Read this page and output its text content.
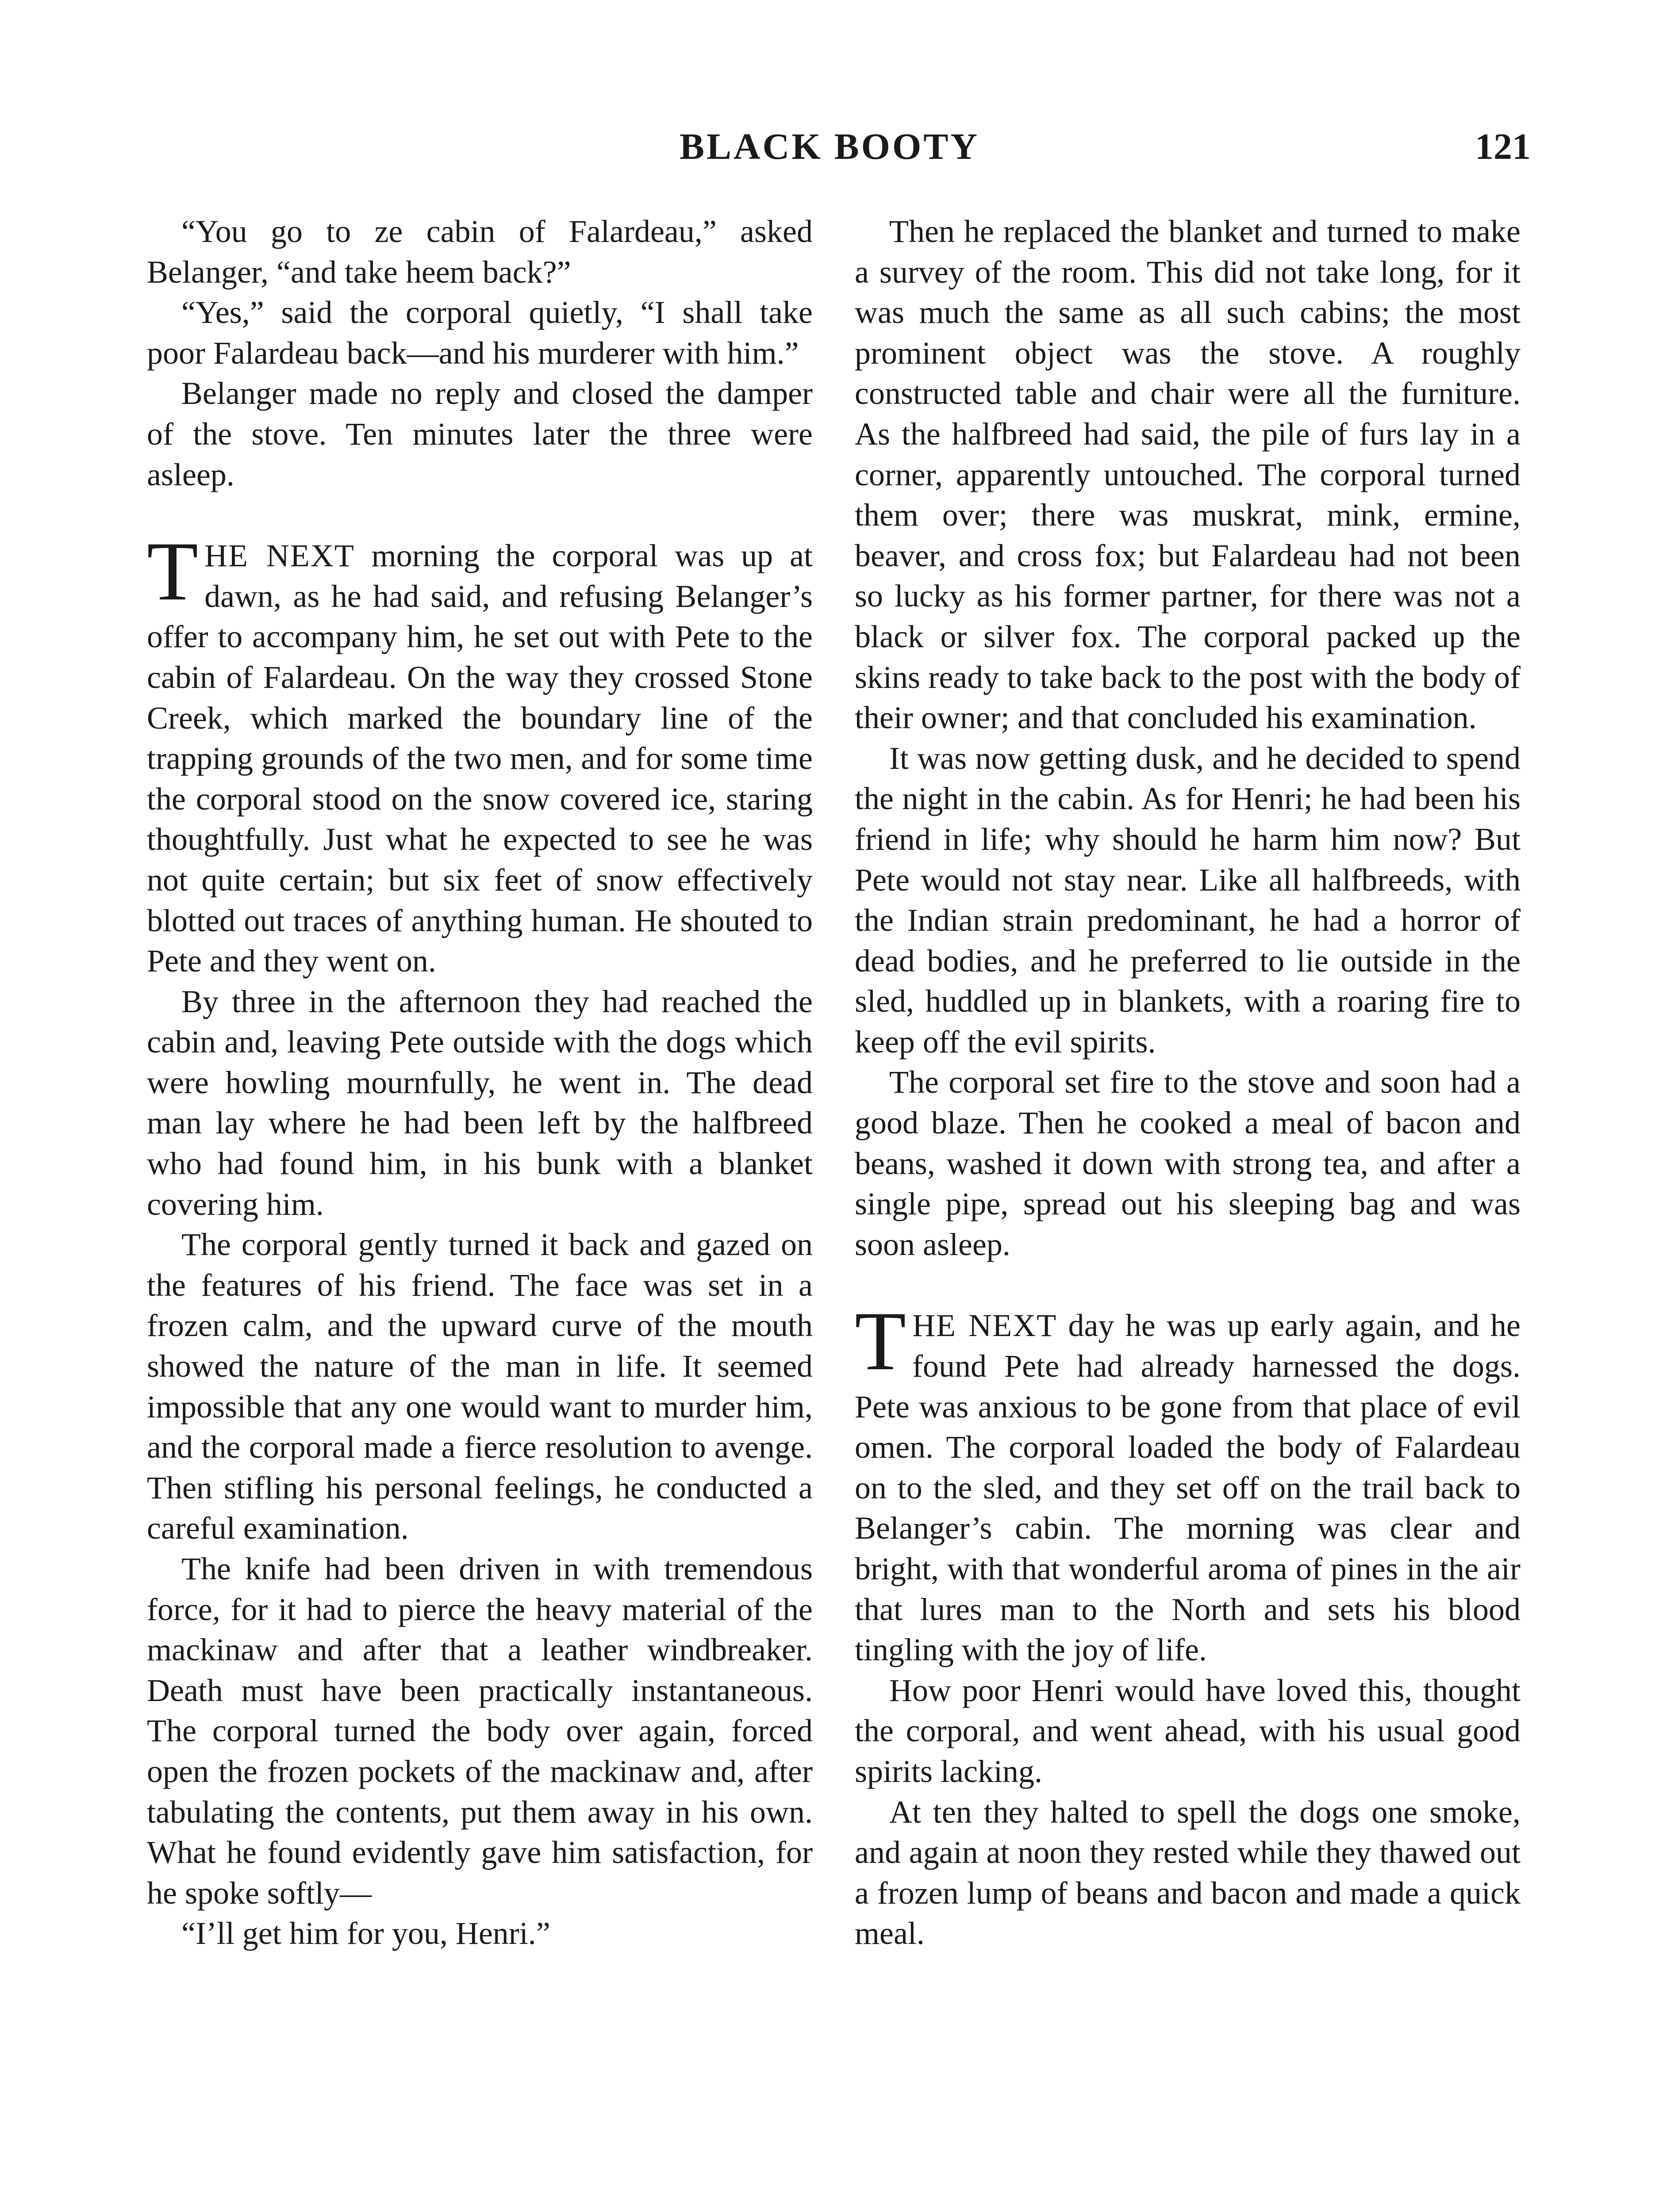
BLACK BOOTY	121

“You go to ze cabin of Falardeau,” asked Belanger, “and take heem back?”

“Yes,” said the corporal quietly, “I shall take poor Falardeau back—and his murderer with him.”

Belanger made no reply and closed the damper of the stove. Ten minutes later the three were asleep.

THE NEXT morning the corporal was up at dawn, as he had said, and refusing Belanger’s offer to accompany him, he set out with Pete to the cabin of Falardeau. On the way they crossed Stone Creek, which marked the boundary line of the trapping grounds of the two men, and for some time the corporal stood on the snow covered ice, staring thoughtfully. Just what he expected to see he was not quite certain; but six feet of snow effectively blotted out traces of anything human. He shouted to Pete and they went on.

By three in the afternoon they had reached the cabin and, leaving Pete outside with the dogs which were howling mournfully, he went in. The dead man lay where he had been left by the halfbreed who had found him, in his bunk with a blanket covering him.

The corporal gently turned it back and gazed on the features of his friend. The face was set in a frozen calm, and the upward curve of the mouth showed the nature of the man in life. It seemed impossible that any one would want to murder him, and the corporal made a fierce resolution to avenge. Then stifling his personal feelings, he conducted a careful examination.

The knife had been driven in with tremendous force, for it had to pierce the heavy material of the mackinaw and after that a leather windbreaker. Death must have been practically instantaneous. The corporal turned the body over again, forced open the frozen pockets of the mackinaw and, after tabulating the contents, put them away in his own. What he found evidently gave him satisfaction, for he spoke softly—

“I’ll get him for you, Henri.”

Then he replaced the blanket and turned to make a survey of the room. This did not take long, for it was much the same as all such cabins; the most prominent object was the stove. A roughly constructed table and chair were all the furniture. As the halfbreed had said, the pile of furs lay in a corner, apparently untouched. The corporal turned them over; there was muskrat, mink, ermine, beaver, and cross fox; but Falardeau had not been so lucky as his former partner, for there was not a black or silver fox. The corporal packed up the skins ready to take back to the post with the body of their owner; and that concluded his examination.

It was now getting dusk, and he decided to spend the night in the cabin. As for Henri; he had been his friend in life; why should he harm him now? But Pete would not stay near. Like all halfbreeds, with the Indian strain predominant, he had a horror of dead bodies, and he preferred to lie outside in the sled, huddled up in blankets, with a roaring fire to keep off the evil spirits.

The corporal set fire to the stove and soon had a good blaze. Then he cooked a meal of bacon and beans, washed it down with strong tea, and after a single pipe, spread out his sleeping bag and was soon asleep.

THE NEXT day he was up early again, and he found Pete had already harnessed the dogs. Pete was anxious to be gone from that place of evil omen. The corporal loaded the body of Falardeau on to the sled, and they set off on the trail back to Belanger’s cabin. The morning was clear and bright, with that wonderful aroma of pines in the air that lures man to the North and sets his blood tingling with the joy of life.

How poor Henri would have loved this, thought the corporal, and went ahead, with his usual good spirits lacking.

At ten they halted to spell the dogs one smoke, and again at noon they rested while they thawed out a frozen lump of beans and bacon and made a quick meal.
